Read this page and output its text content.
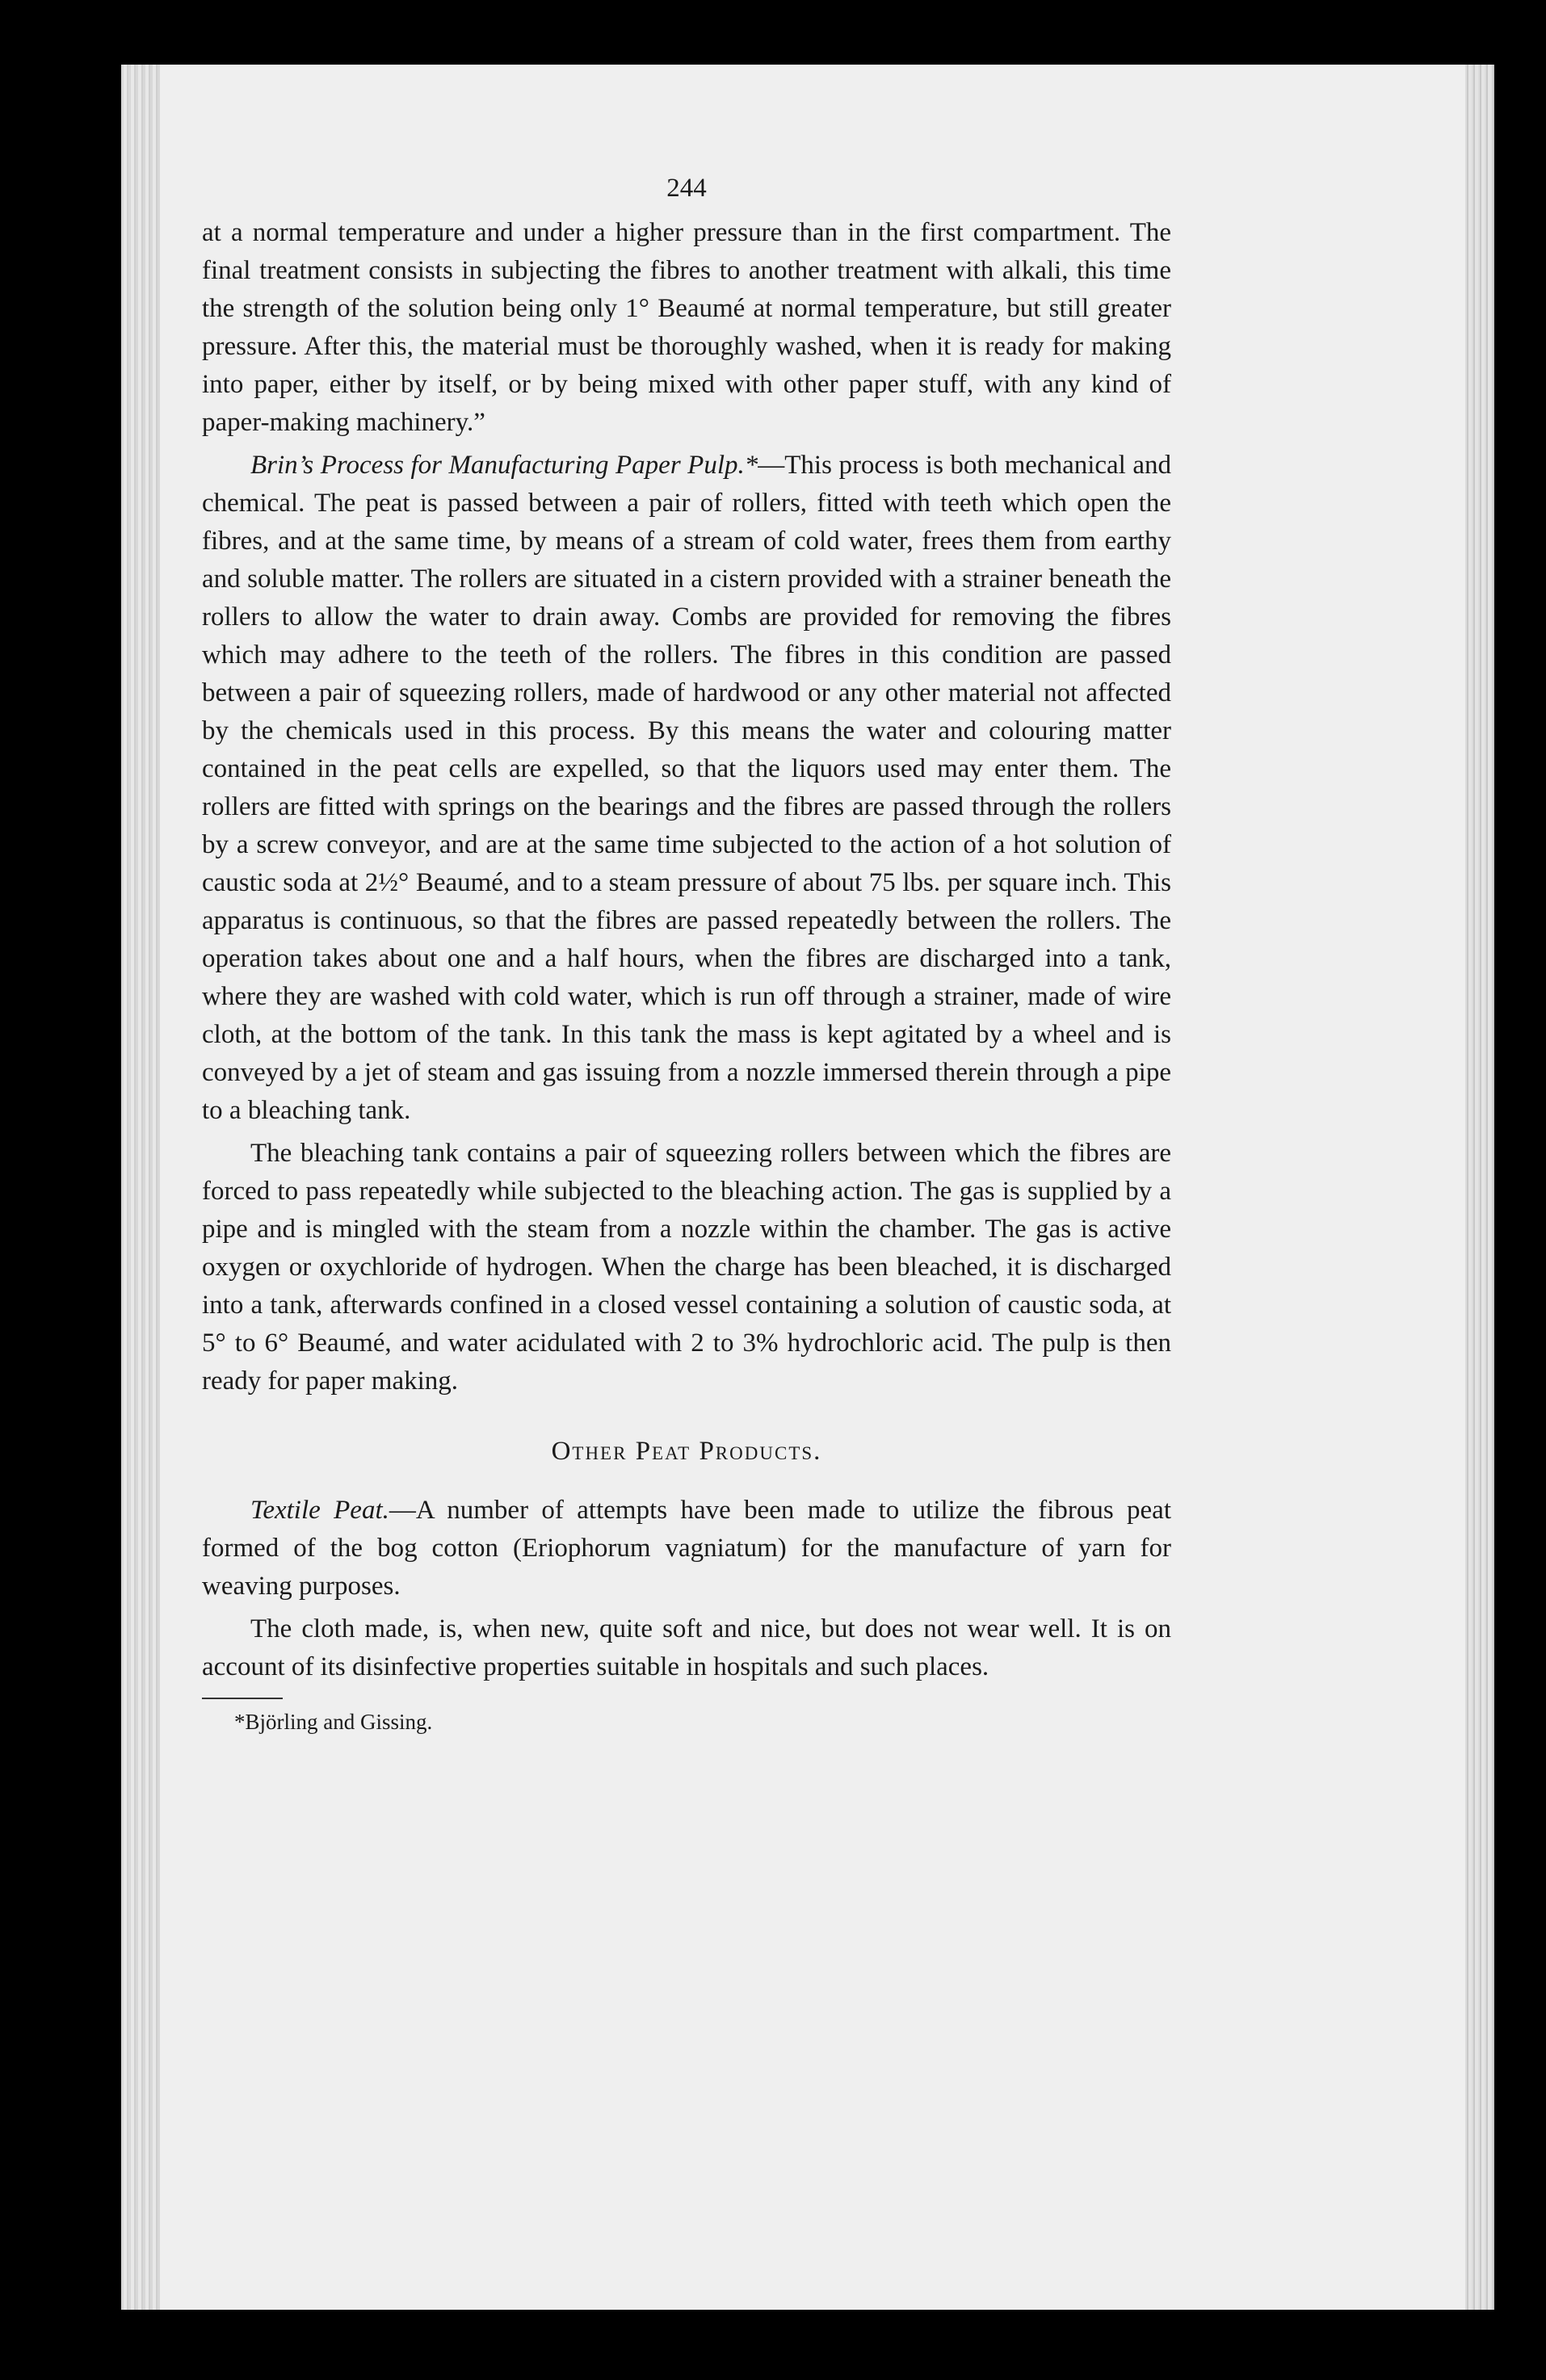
244

at a normal temperature and under a higher pressure than in the first compartment. The final treatment consists in subjecting the fibres to another treatment with alkali, this time the strength of the solution being only 1° Beaumé at normal temperature, but still greater pressure. After this, the material must be thoroughly washed, when it is ready for making into paper, either by itself, or by being mixed with other paper stuff, with any kind of paper-making machinery.”

Brin’s Process for Manufacturing Paper Pulp.*—This process is both mechanical and chemical. The peat is passed between a pair of rollers, fitted with teeth which open the fibres, and at the same time, by means of a stream of cold water, frees them from earthy and soluble matter. The rollers are situated in a cistern provided with a strainer beneath the rollers to allow the water to drain away. Combs are provided for removing the fibres which may adhere to the teeth of the rollers. The fibres in this condition are passed between a pair of squeezing rollers, made of hardwood or any other material not affected by the chemicals used in this process. By this means the water and colouring matter contained in the peat cells are expelled, so that the liquors used may enter them. The rollers are fitted with springs on the bearings and the fibres are passed through the rollers by a screw conveyor, and are at the same time subjected to the action of a hot solution of caustic soda at 2½° Beaumé, and to a steam pressure of about 75 lbs. per square inch. This apparatus is continuous, so that the fibres are passed repeatedly between the rollers. The operation takes about one and a half hours, when the fibres are discharged into a tank, where they are washed with cold water, which is run off through a strainer, made of wire cloth, at the bottom of the tank. In this tank the mass is kept agitated by a wheel and is conveyed by a jet of steam and gas issuing from a nozzle immersed therein through a pipe to a bleaching tank.

The bleaching tank contains a pair of squeezing rollers between which the fibres are forced to pass repeatedly while subjected to the bleaching action. The gas is supplied by a pipe and is mingled with the steam from a nozzle within the chamber. The gas is active oxygen or oxychloride of hydrogen. When the charge has been bleached, it is discharged into a tank, afterwards confined in a closed vessel containing a solution of caustic soda, at 5° to 6° Beaumé, and water acidulated with 2 to 3% hydrochloric acid. The pulp is then ready for paper making.

Other Peat Products.

Textile Peat.—A number of attempts have been made to utilize the fibrous peat formed of the bog cotton (Eriophorum vagniatum) for the manufacture of yarn for weaving purposes.

The cloth made, is, when new, quite soft and nice, but does not wear well. It is on account of its disinfective properties suitable in hospitals and such places.

*Björling and Gissing.
